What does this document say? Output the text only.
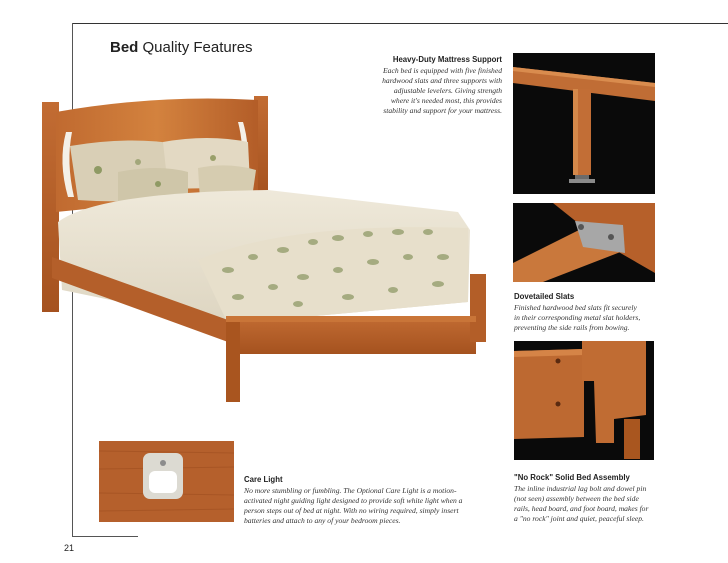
Bed Quality Features
Heavy-Duty Mattress Support
Each bed is equipped with five finished
hardwood slats and three supports with
adjustable levelers. Giving strength
where it's needed most, this provides
stability and support for your mattress.
Dovetailed Slats
Finished hardwood bed slats fit securely
in their corresponding metal slat holders,
preventing the side rails from bowing.
"No Rock" Solid Bed Assembly
The inline industrial lag bolt and dowel pin
(not seen) assembly between the bed side
rails, head board, and foot board, makes for
a "no rock" joint and quiet, peaceful sleep.
Care Light
No more stumbling or fumbling. The Optional Care Light is a motion-
activated night guiding light designed to provide soft white light when a
person steps out of bed at night. With no wiring required, simply insert
batteries and attach to any of your bedroom pieces.
21
